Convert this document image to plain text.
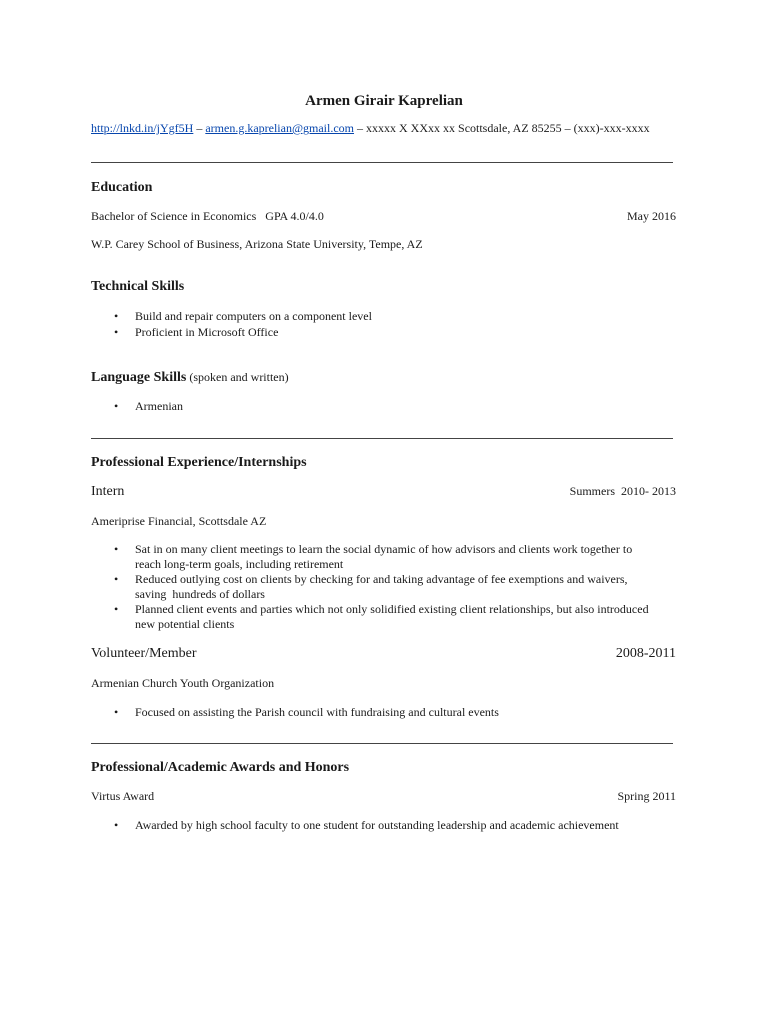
Armen Girair Kaprelian
http://lnkd.in/jYgf5H – armen.g.kaprelian@gmail.com – xxxxx X XXxx xx Scottsdale, AZ 85255 – (xxx)-xxx-xxxx
Education
Bachelor of Science in Economics   GPA 4.0/4.0	May 2016
W.P. Carey School of Business, Arizona State University, Tempe, AZ
Technical Skills
• Build and repair computers on a component level
• Proficient in Microsoft Office
Language Skills (spoken and written)
• Armenian
Professional Experience/Internships
Intern	Summers  2010- 2013
Ameriprise Financial, Scottsdale AZ
• Sat in on many client meetings to learn the social dynamic of how advisors and clients work together to reach long-term goals, including retirement
• Reduced outlying cost on clients by checking for and taking advantage of fee exemptions and waivers, saving  hundreds of dollars
• Planned client events and parties which not only solidified existing client relationships, but also introduced new potential clients
Volunteer/Member	2008-2011
Armenian Church Youth Organization
• Focused on assisting the Parish council with fundraising and cultural events
Professional/Academic Awards and Honors
Virtus Award	Spring 2011
• Awarded by high school faculty to one student for outstanding leadership and academic achievement
